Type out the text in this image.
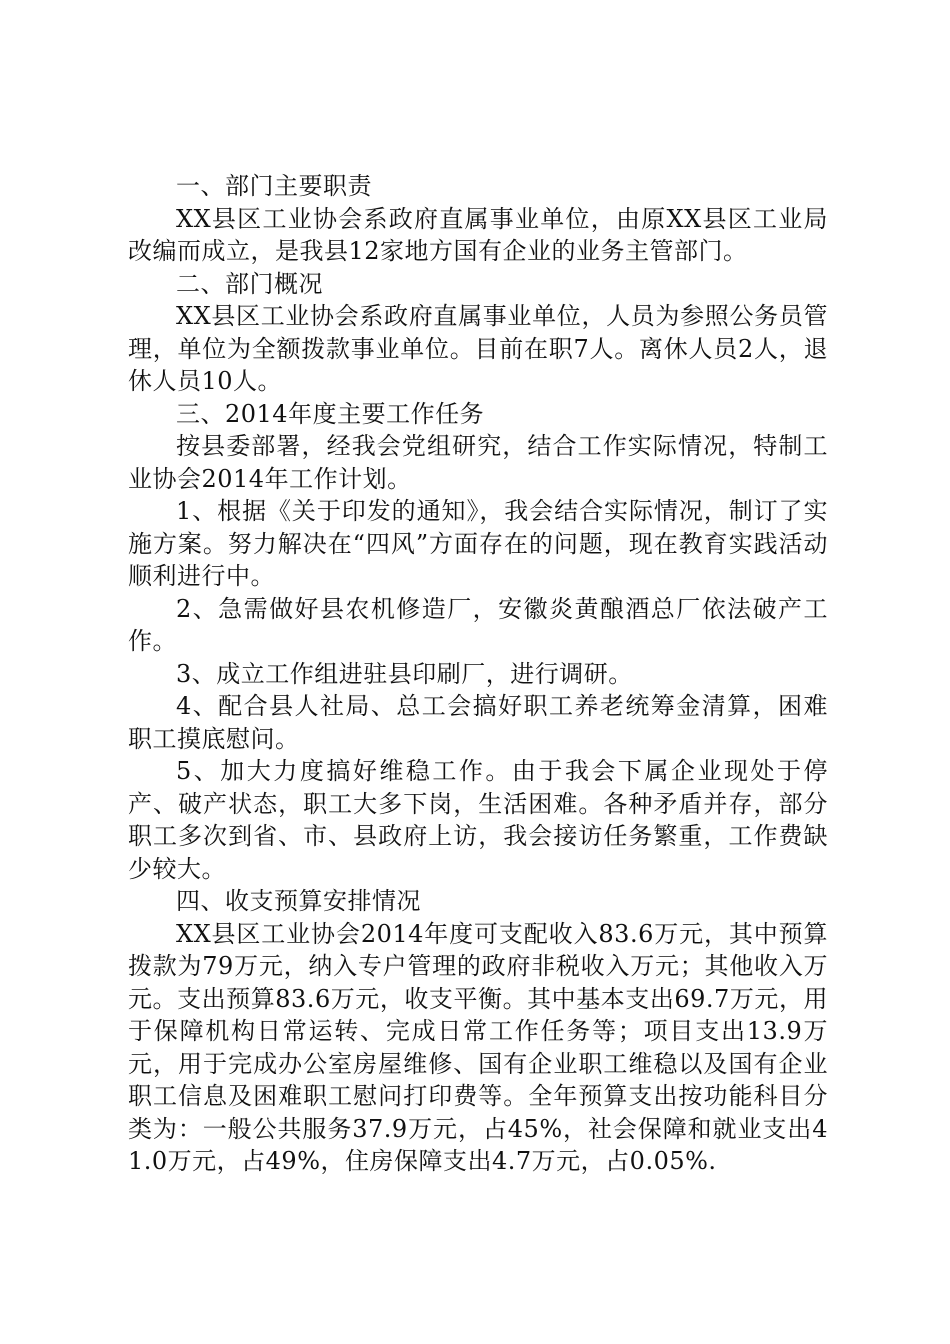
一、部门主要职责

XX县区工业协会系政府直属事业单位，由原XX县区工业局改编而成立，是我县12家地方国有企业的业务主管部门。

二、部门概况

XX县区工业协会系政府直属事业单位，人员为参照公务员管理，单位为全额拨款事业单位。目前在职7人。离休人员2人，退休人员10人。

三、2014年度主要工作任务

按县委部署，经我会党组研究，结合工作实际情况，特制工业协会2014年工作计划。

1、根据《关于印发的通知》，我会结合实际情况，制订了实施方案。努力解决在“四风”方面存在的问题，现在教育实践活动顺利进行中。

2、急需做好县农机修造厂，安徽炎黄酿酒总厂依法破产工作。

3、成立工作组进驻县印刷厂，进行调研。

4、配合县人社局、总工会搞好职工养老统筹金清算，困难职工摸底慰问。

5、加大力度搞好维稳工作。由于我会下属企业现处于停产、破产状态，职工大多下岗，生活困难。各种矛盾并存，部分职工多次到省、市、县政府上访，我会接访任务繁重，工作费缺少较大。

四、收支预算安排情况

XX县区工业协会2014年度可支配收入83.6万元，其中预算拨款为79万元，纳入专户管理的政府非税收入万元；其他收入万元。支出预算83.6万元，收支平衡。其中基本支出69.7万元，用于保障机构日常运转、完成日常工作任务等；项目支出13.9万元，用于完成办公室房屋维修、国有企业职工维稳以及国有企业职工信息及困难职工慰问打印费等。全年预算支出按功能科目分类为：一般公共服务37.9万元，占45%，社会保障和就业支出41.0万元，占49%，住房保障支出4.7万元，占0.05%.
